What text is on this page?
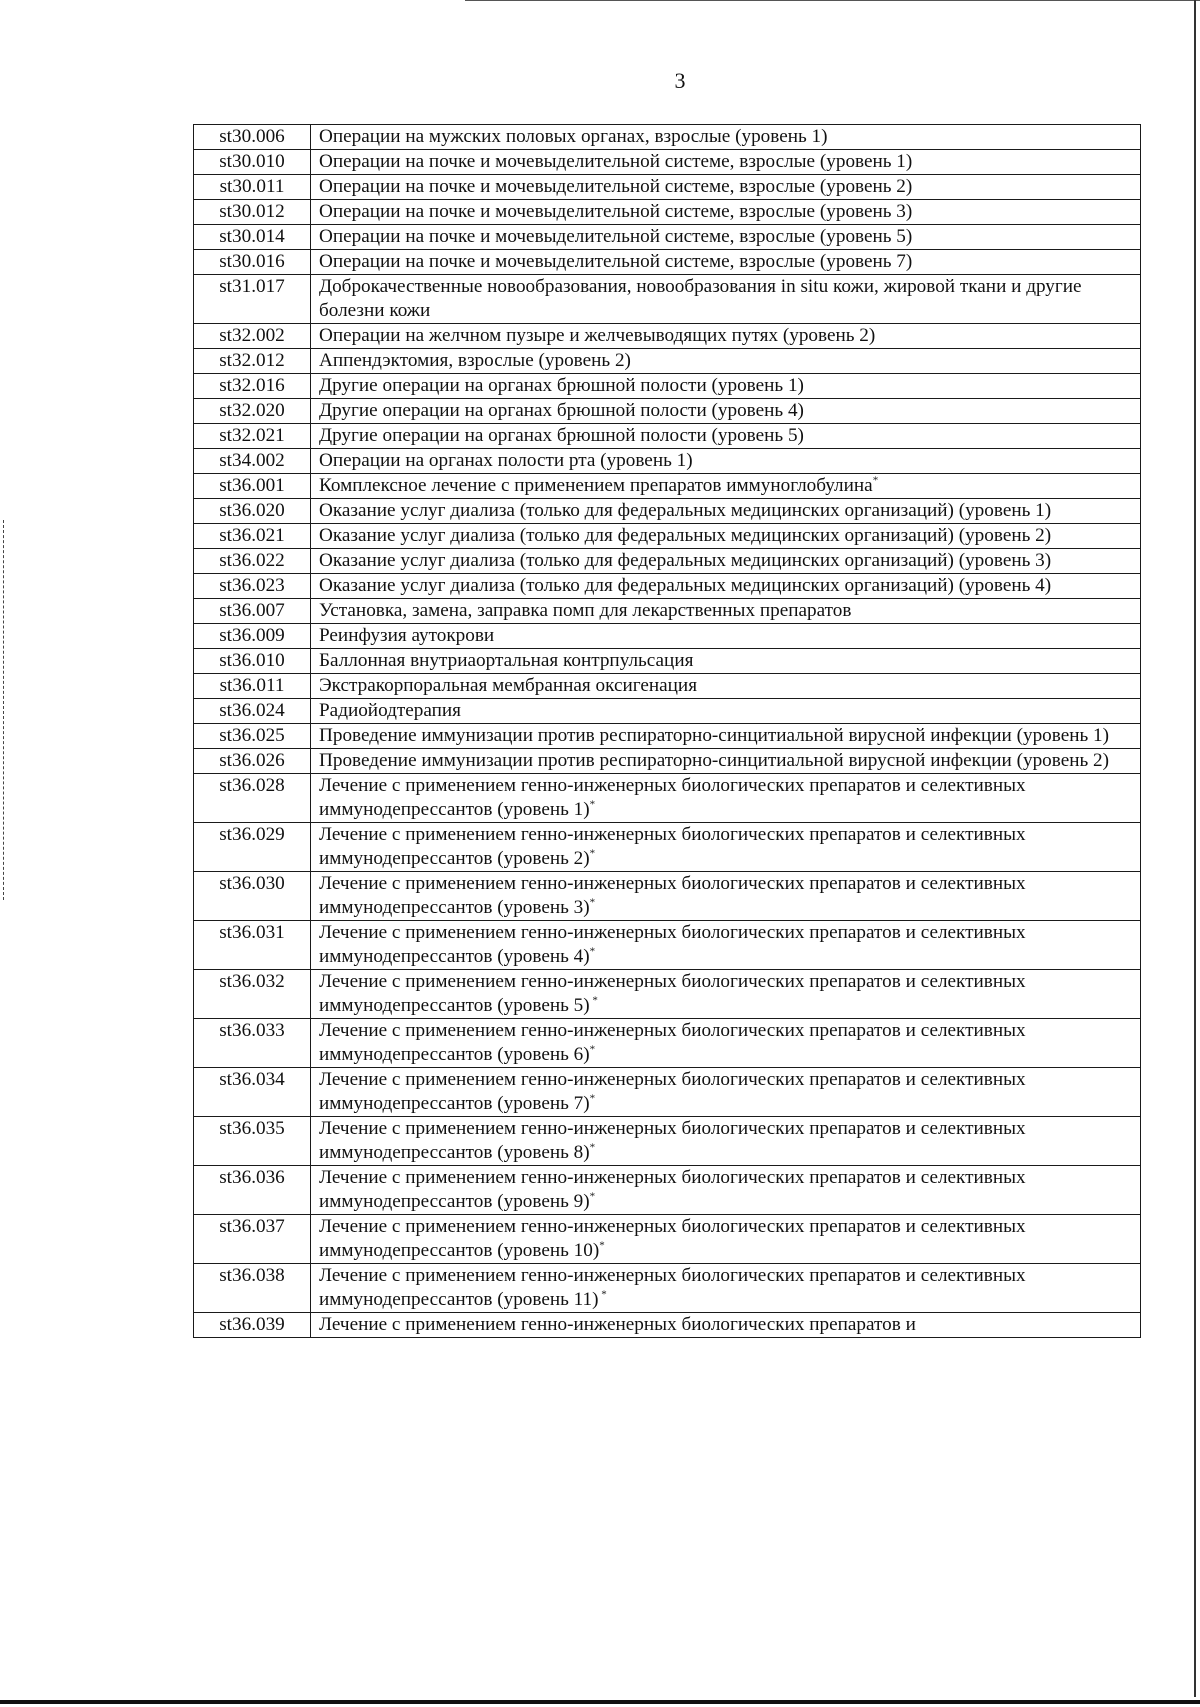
3
st30.006	Операции на мужских половых органах, взрослые (уровень 1)
st30.010	Операции на почке и мочевыделительной системе, взрослые (уровень 1)
st30.011	Операции на почке и мочевыделительной системе, взрослые (уровень 2)
st30.012	Операции на почке и мочевыделительной системе, взрослые (уровень 3)
st30.014	Операции на почке и мочевыделительной системе, взрослые (уровень 5)
st30.016	Операции на почке и мочевыделительной системе, взрослые (уровень 7)
st31.017	Доброкачественные новообразования, новообразования in situ кожи, жировой ткани и другие болезни кожи
st32.002	Операции на желчном пузыре и желчевыводящих путях (уровень 2)
st32.012	Аппендэктомия, взрослые (уровень 2)
st32.016	Другие операции на органах брюшной полости (уровень 1)
st32.020	Другие операции на органах брюшной полости (уровень 4)
st32.021	Другие операции на органах брюшной полости (уровень 5)
st34.002	Операции на органах полости рта (уровень 1)
st36.001	Комплексное лечение с применением препаратов иммуноглобулина*
st36.020	Оказание услуг диализа (только для федеральных медицинских организаций) (уровень 1)
st36.021	Оказание услуг диализа (только для федеральных медицинских организаций) (уровень 2)
st36.022	Оказание услуг диализа (только для федеральных медицинских организаций) (уровень 3)
st36.023	Оказание услуг диализа (только для федеральных медицинских организаций) (уровень 4)
st36.007	Установка, замена, заправка помп для лекарственных препаратов
st36.009	Реинфузия аутокрови
st36.010	Баллонная внутриаортальная контрпульсация
st36.011	Экстракорпоральная мембранная оксигенация
st36.024	Радиойодтерапия
st36.025	Проведение иммунизации против респираторно-синцитиальной вирусной инфекции (уровень 1)
st36.026	Проведение иммунизации против респираторно-синцитиальной вирусной инфекции (уровень 2)
st36.028	Лечение с применением генно-инженерных биологических препаратов и селективных иммунодепрессантов (уровень 1)*
st36.029	Лечение с применением генно-инженерных биологических препаратов и селективных иммунодепрессантов (уровень 2)*
st36.030	Лечение с применением генно-инженерных биологических препаратов и селективных иммунодепрессантов (уровень 3)*
st36.031	Лечение с применением генно-инженерных биологических препаратов и селективных иммунодепрессантов (уровень 4)*
st36.032	Лечение с применением генно-инженерных биологических препаратов и селективных иммунодепрессантов (уровень 5) *
st36.033	Лечение с применением генно-инженерных биологических препаратов и селективных иммунодепрессантов (уровень 6)*
st36.034	Лечение с применением генно-инженерных биологических препаратов и селективных иммунодепрессантов (уровень 7)*
st36.035	Лечение с применением генно-инженерных биологических препаратов и селективных иммунодепрессантов (уровень 8)*
st36.036	Лечение с применением генно-инженерных биологических препаратов и селективных иммунодепрессантов (уровень 9)*
st36.037	Лечение с применением генно-инженерных биологических препаратов и селективных иммунодепрессантов (уровень 10)*
st36.038	Лечение с применением генно-инженерных биологических препаратов и селективных иммунодепрессантов (уровень 11) *
st36.039	Лечение с применением генно-инженерных биологических препаратов и
